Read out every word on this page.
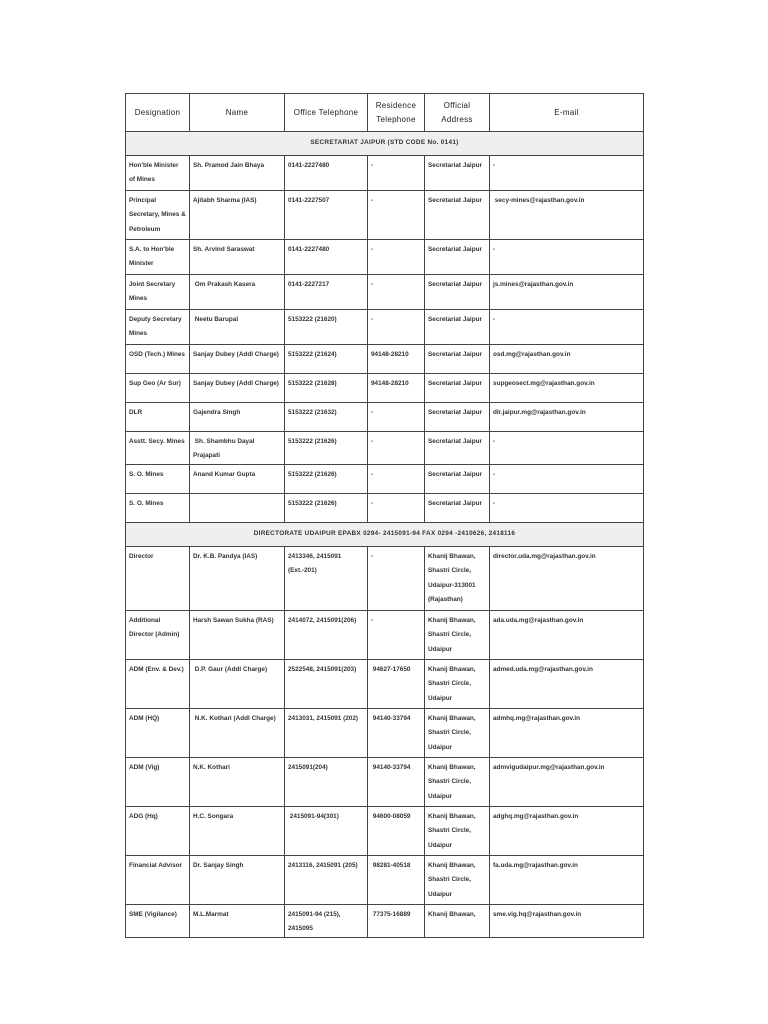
Designation	Name	Office Telephone	Residence Telephone	Official Address	E-mail
SECRETARIAT JAIPUR (STD CODE No. 0141)					

Hon'ble Minister of Mines	Sh. Pramod Jain Bhaya	0141-2227480	-	Secretariat Jaipur	-

Principal Secretary, Mines & Petroleum	Ajitabh Sharma (IAS)	0141-2227507	-	Secretariat Jaipur	secy-mines@rajasthan.gov.in

S.A. to Hon'ble Minister	Sh. Arvind Saraswat	0141-2227480	-	Secretariat Jaipur	-

Joint Secretary Mines	Om Prakash Kasera	0141-2227217	-	Secretariat Jaipur	js.mines@rajasthan.gov.in

Deputy Secretary Mines	Neetu Barupal	5153222 (21620)	-	Secretariat Jaipur	-

OSD (Tech.) Mines	Sanjay Dubey (Addl Charge)	5153222 (21624)	94148-28210	Secretariat Jaipur	osd.mg@rajasthan.gov.in

Sup Geo (Ar Sur)	Sanjay Dubey (Addl Charge)	5153222 (21628)	94148-28210	Secretariat Jaipur	supgeosect.mg@rajasthan.gov.in

DLR	Gajendra Singh	5153222 (21632)	-	Secretariat Jaipur	dlr.jaipur.mg@rajasthan.gov.in

Asstt. Secy. Mines	Sh. Shambhu Dayal Prajapati	5153222 (21626)	-	Secretariat Jaipur	-

S. O. Mines	Anand Kumar Gupta	5153222 (21626)	-	Secretariat Jaipur	-

S. O. Mines		5153222 (21626)	-	Secretariat Jaipur	-

DIRECTORATE UDAIPUR EPABX 0294- 2415091-94 FAX 0294 -2410626, 2418116					

Director	Dr. K.B. Pandya (IAS)	2413346, 2415091 (Ext.-201)	-	Khanij Bhawan, Shastri Circle, Udaipur-313001 (Rajasthan)	director.uda.mg@rajasthan.gov.in

Additional Director (Admin)	Harsh Sawan Sukha (RAS)	2414072, 2415091(206)	-	Khanij Bhawan, Shastri Circle, Udaipur	ada.uda.mg@rajasthan.gov.in

ADM (Env. & Dev.)	D.P. Gaur (Addl Charge)	2522548, 2415091(203)	94627-17650	Khanij Bhawan, Shastri Circle, Udaipur	admed.uda.mg@rajasthan.gov.in

ADM (HQ)	N.K. Kothari (Addl Charge)	2413031, 2415091 (202)	94140-33794	Khanij Bhawan, Shastri Circle, Udaipur	admhq.mg@rajasthan.gov.in

ADM (Vig)	N.K. Kothari	2415091(204)	94140-33794	Khanij Bhawan, Shastri Circle, Udaipur	admvigudaipur.mg@rajasthan.gov.in

ADG (Hq)	H.C. Songara	2415091-94(301)	94600-08059	Khanij Bhawan, Shastri Circle, Udaipur	adghq.mg@rajasthan.gov.in

Financial Advisor	Dr. Sanjay Singh	2413116, 2415091 (205)	98281-40518	Khanij Bhawan, Shastri Circle, Udaipur	fa.uda.mg@rajasthan.gov.in

SME (Vigilance)	M.L.Marmat	2415091-94 (215), 2415095	77375-16889	Khanij Bhawan,	sme.vig.hq@rajasthan.gov.in
